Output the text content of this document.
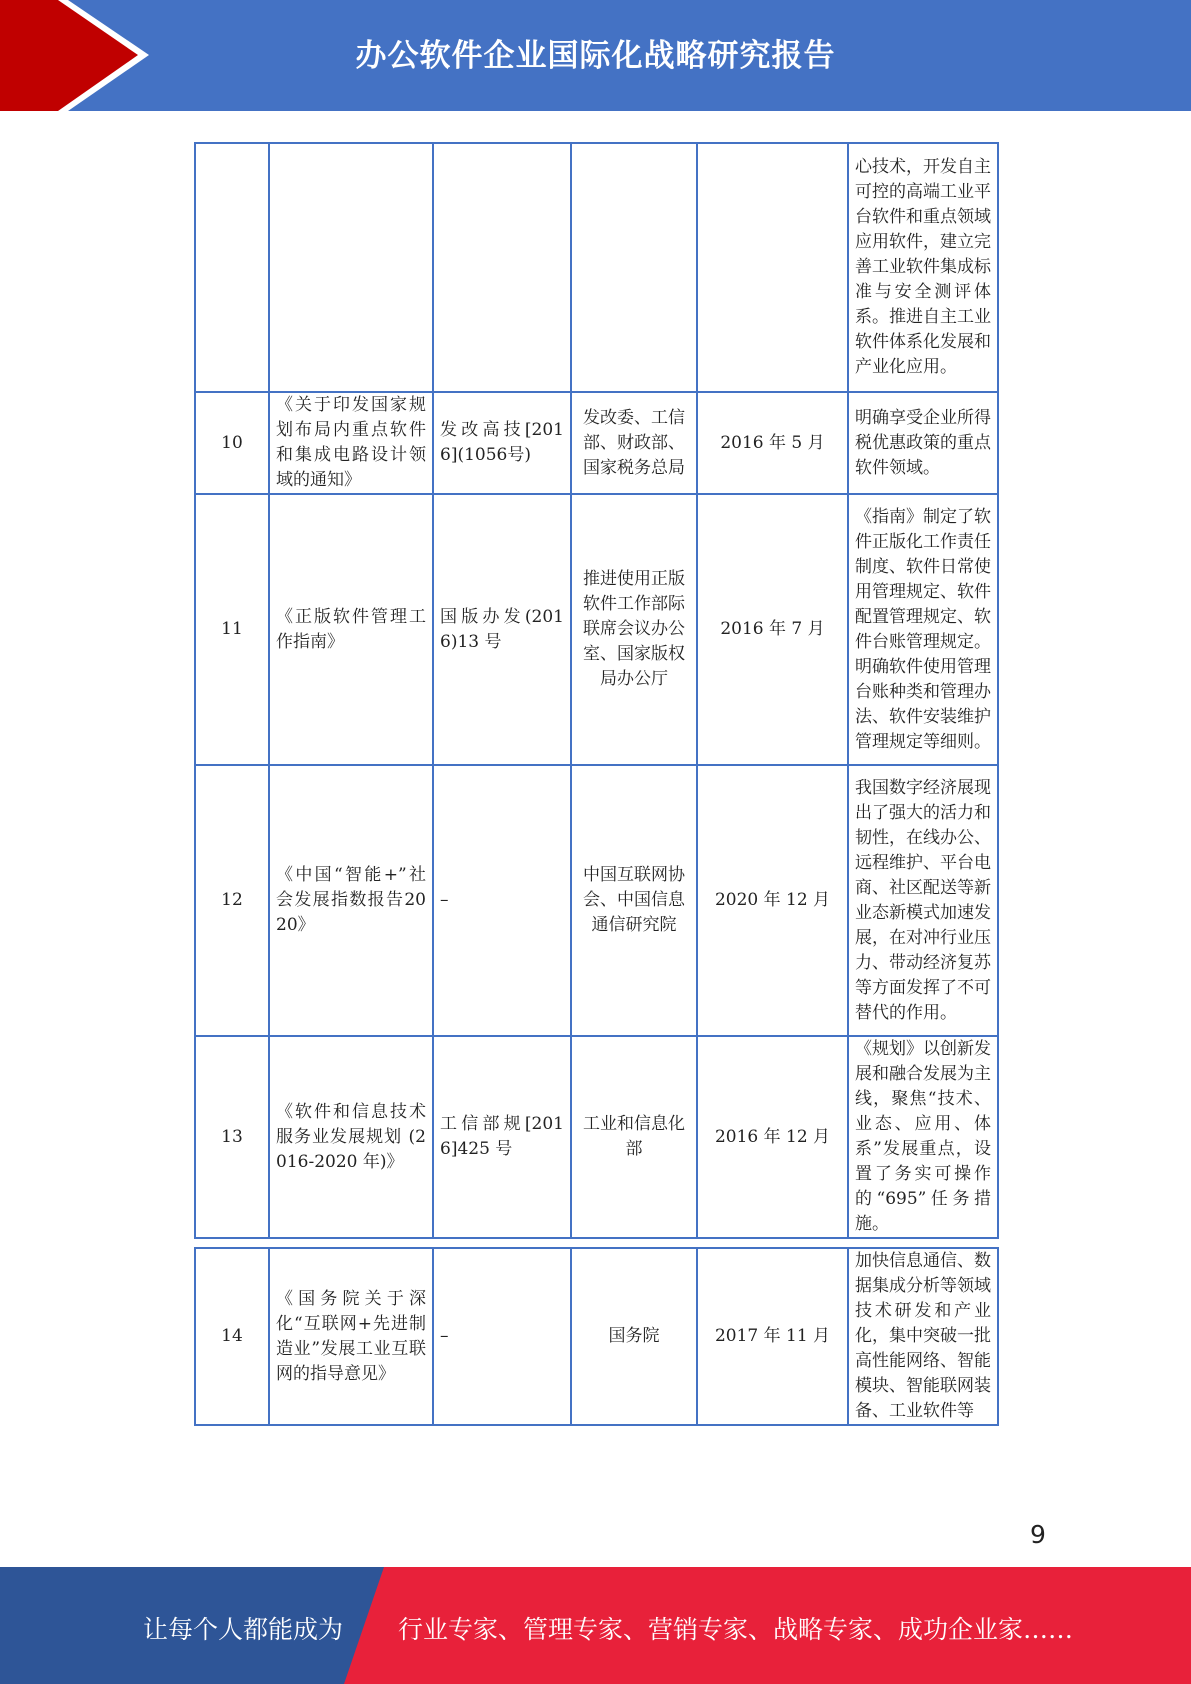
办公软件企业国际化战略研究报告
					心技术，开发自主可控的高端工业平台软件和重点领域应用软件，建立完善工业软件集成标准与安全测评体系。推进自主工业软件体系化发展和产业化应用。
10	《关于印发国家规划布局内重点软件和集成电路设计领域的通知》	发改高技[2016](1056号)	发改委、工信部、财政部、国家税务总局	2016 年 5 月	明确享受企业所得税优惠政策的重点软件领域。
11	《正版软件管理工作指南》	国版办发(2016)13 号	推进使用正版软件工作部际联席会议办公室、国家版权局办公厅	2016 年 7 月	《指南》制定了软件正版化工作责任制度、软件日常使用管理规定、软件配置管理规定、软件台账管理规定。明确软件使用管理台账种类和管理办法、软件安装维护管理规定等细则。
12	《中国“智能+”社会发展指数报告2020》	–	中国互联网协会、中国信息通信研究院	2020 年 12 月	我国数字经济展现出了强大的活力和韧性，在线办公、远程维护、平台电商、社区配送等新业态新模式加速发展，在对冲行业压力、带动经济复苏等方面发挥了不可替代的作用。
13	《软件和信息技术服务业发展规划 (2016-2020 年)》	工信部规[2016]425 号	工业和信息化部	2016 年 12 月	《规划》以创新发展和融合发展为主线，聚焦“技术、业态、应用、体系”发展重点，设置了务实可操作的“695”任务措施。
14	《国务院关于深化“互联网+先进制造业”发展工业互联网的指导意见》	–	国务院	2017 年 11 月	加快信息通信、数据集成分析等领域技术研发和产业化，集中突破一批高性能网络、智能模块、智能联网装备、工业软件等
9
让每个人都能成为 行业专家、管理专家、营销专家、战略专家、成功企业家……
